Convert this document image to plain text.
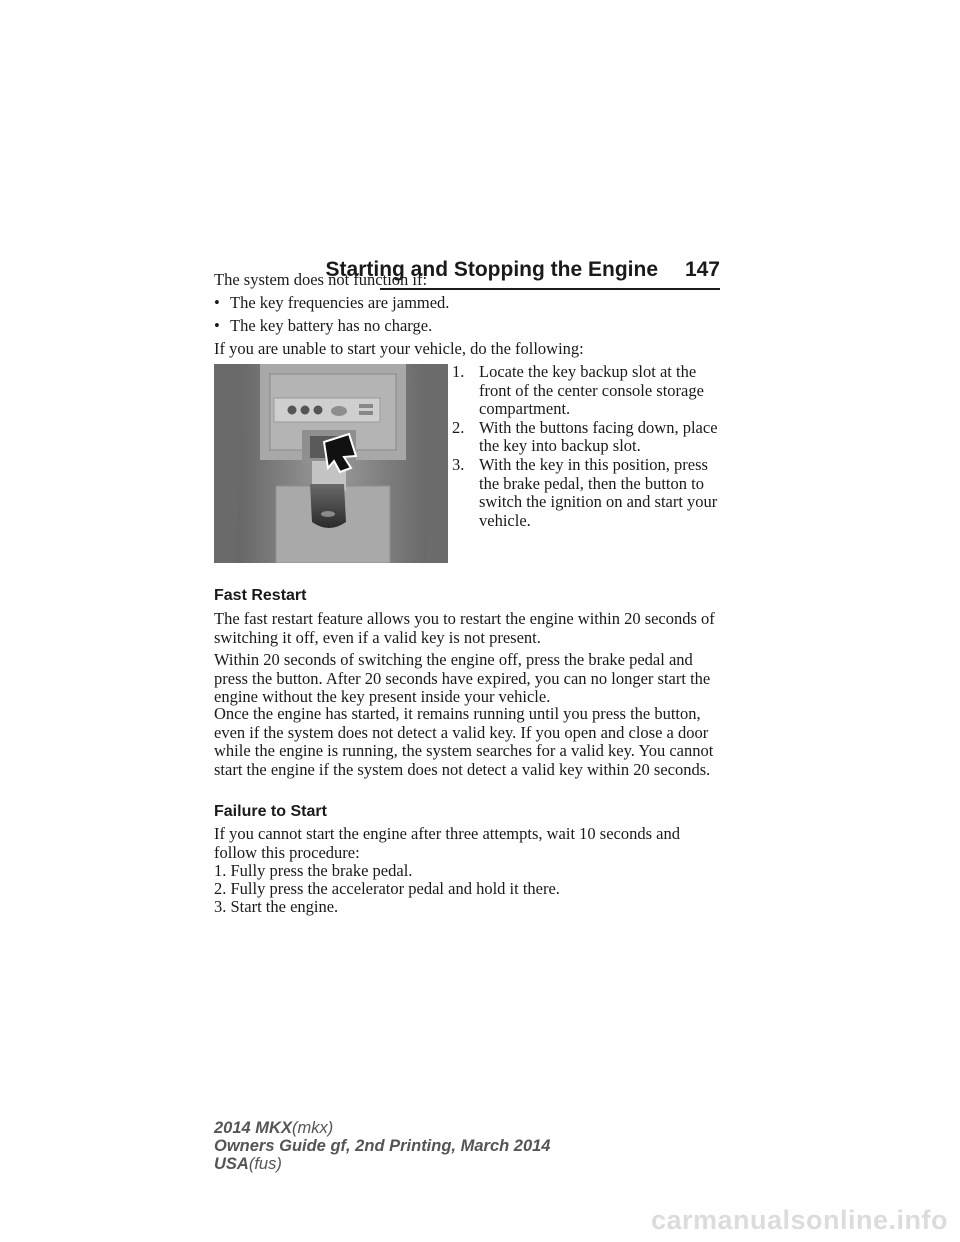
Starting and Stopping the Engine 147

The system does not function if:

• The key frequencies are jammed.

• The key battery has no charge.

If you are unable to start your vehicle, do the following:

1. Locate the key backup slot at the front of the center console storage compartment.

2. With the buttons facing down, place the key into backup slot.

3. With the key in this position, press the brake pedal, then the button to switch the ignition on and start your vehicle.

Fast Restart

The fast restart feature allows you to restart the engine within 20 seconds of switching it off, even if a valid key is not present.

Within 20 seconds of switching the engine off, press the brake pedal and press the button. After 20 seconds have expired, you can no longer start the engine without the key present inside your vehicle.

Once the engine has started, it remains running until you press the button, even if the system does not detect a valid key. If you open and close a door while the engine is running, the system searches for a valid key. You cannot start the engine if the system does not detect a valid key within 20 seconds.

Failure to Start

If you cannot start the engine after three attempts, wait 10 seconds and follow this procedure:

1. Fully press the brake pedal.

2. Fully press the accelerator pedal and hold it there.

3. Start the engine.

2014 MKX(mkx)
Owners Guide gf, 2nd Printing, March 2014
USA(fus)
carmanualsonline.info
